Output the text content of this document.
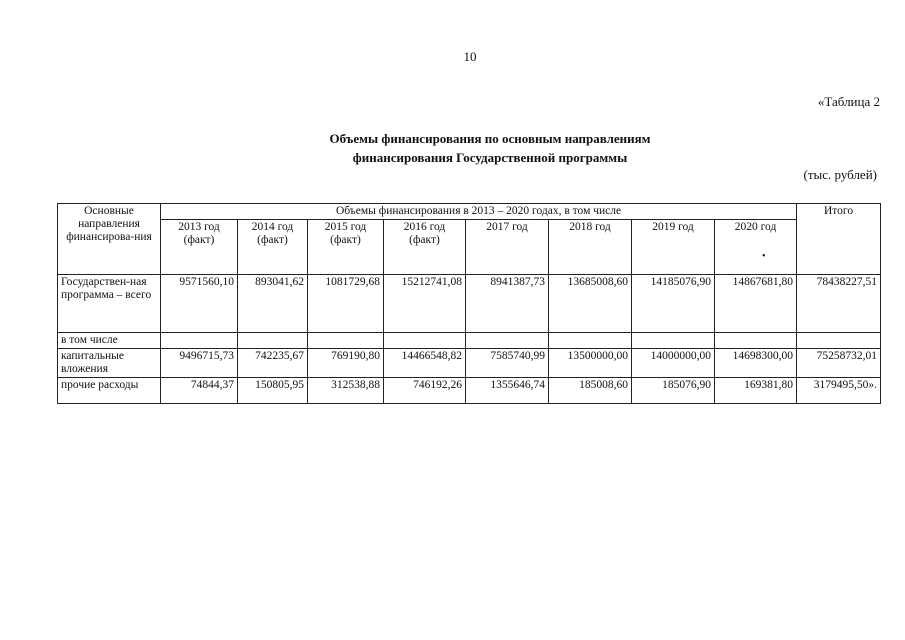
10
«Таблица 2
Объемы финансирования по основным направлениям
финансирования Государственной программы
(тыс. рублей)
Основные направления финансирова-ния	Объемы финансирования в 2013 – 2020 годах, в том числе								Итого
	2013 год (факт)	2014 год (факт)	2015 год (факт)	2016 год (факт)	2017 год	2018 год	2019 год	2020 год	
Государствен-ная программа – всего	9571560,10	893041,62	1081729,68	15212741,08	8941387,73	13685008,60	14185076,90	14867681,80	78438227,51
в том числе									
капитальные вложения	9496715,73	742235,67	769190,80	14466548,82	7585740,99	13500000,00	14000000,00	14698300,00	75258732,01
прочие расходы	74844,37	150805,95	312538,88	746192,26	1355646,74	185008,60	185076,90	169381,80	3179495,50».
•
